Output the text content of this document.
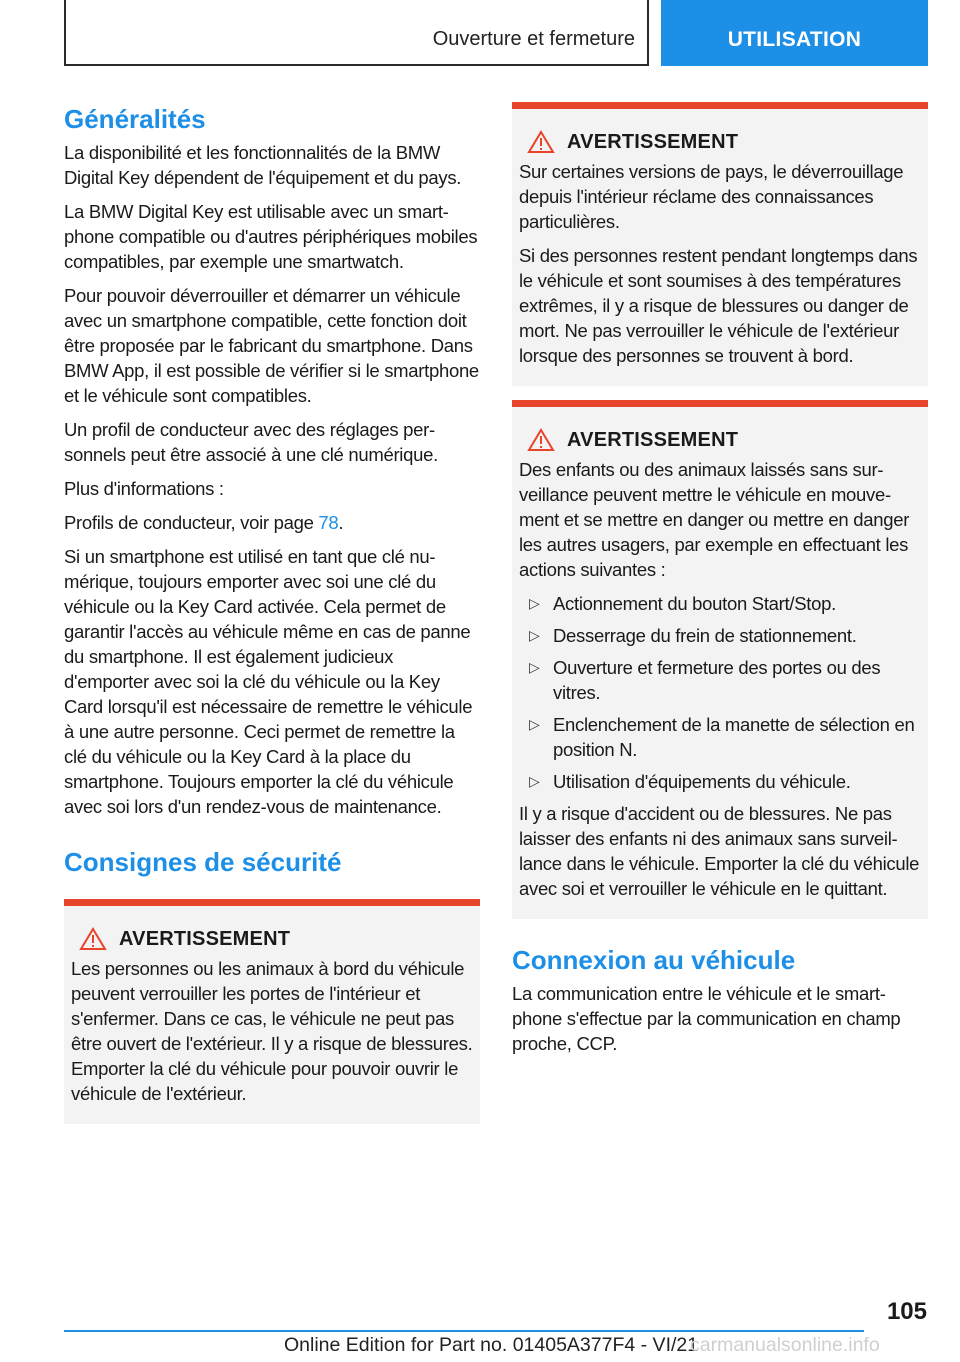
Ouverture et fermeture	UTILISATION
Généralités

La disponibilité et les fonctionnalités de la BMW Digital Key dépendent de l'équipement et du pays.

La BMW Digital Key est utilisable avec un smartphone compatible ou d'autres périphériques mobiles compatibles, par exemple une smartwatch.

Pour pouvoir déverrouiller et démarrer un véhicule avec un smartphone compatible, cette fonction doit être proposée par le fabricant du smartphone. Dans BMW App, il est possible de vérifier si le smartphone et le véhicule sont compatibles.

Un profil de conducteur avec des réglages personnels peut être associé à une clé numérique.

Plus d'informations :

Profils de conducteur, voir page 78.

Si un smartphone est utilisé en tant que clé numérique, toujours emporter avec soi une clé du véhicule ou la Key Card activée. Cela permet de garantir l'accès au véhicule même en cas de panne du smartphone. Il est également judicieux d'emporter avec soi la clé du véhicule ou la Key Card lorsqu'il est nécessaire de remettre le véhicule à une autre personne. Ceci permet de remettre la clé du véhicule ou la Key Card à la place du smartphone. Toujours emporter la clé du véhicule avec soi lors d'un rendez-vous de maintenance.

Consignes de sécurité
AVERTISSEMENT

Les personnes ou les animaux à bord du véhicule peuvent verrouiller les portes de l'intérieur et s'enfermer. Dans ce cas, le véhicule ne peut pas être ouvert de l'extérieur. Il y a risque de blessures. Emporter la clé du véhicule pour pouvoir ouvrir le véhicule de l'extérieur.

AVERTISSEMENT

Sur certaines versions de pays, le déverrouillage depuis l'intérieur réclame des connaissances particulières.

Si des personnes restent pendant longtemps dans le véhicule et sont soumises à des températures extrêmes, il y a risque de blessures ou danger de mort. Ne pas verrouiller le véhicule de l'extérieur lorsque des personnes se trouvent à bord.

AVERTISSEMENT

Des enfants ou des animaux laissés sans surveillance peuvent mettre le véhicule en mouvement et se mettre en danger ou mettre en danger les autres usagers, par exemple en effectuant les actions suivantes :

▷ Actionnement du bouton Start/Stop.
▷ Desserrage du frein de stationnement.
▷ Ouverture et fermeture des portes ou des vitres.
▷ Enclenchement de la manette de sélection en position N.
▷ Utilisation d'équipements du véhicule.

Il y a risque d'accident ou de blessures. Ne pas laisser des enfants ni des animaux sans surveillance dans le véhicule. Emporter la clé du véhicule avec soi et verrouiller le véhicule en le quittant.

Connexion au véhicule

La communication entre le véhicule et le smartphone s'effectue par la communication en champ proche, CCP.

105
Online Edition for Part no. 01405A377F4 - VI/21
carmanualsonline.info
